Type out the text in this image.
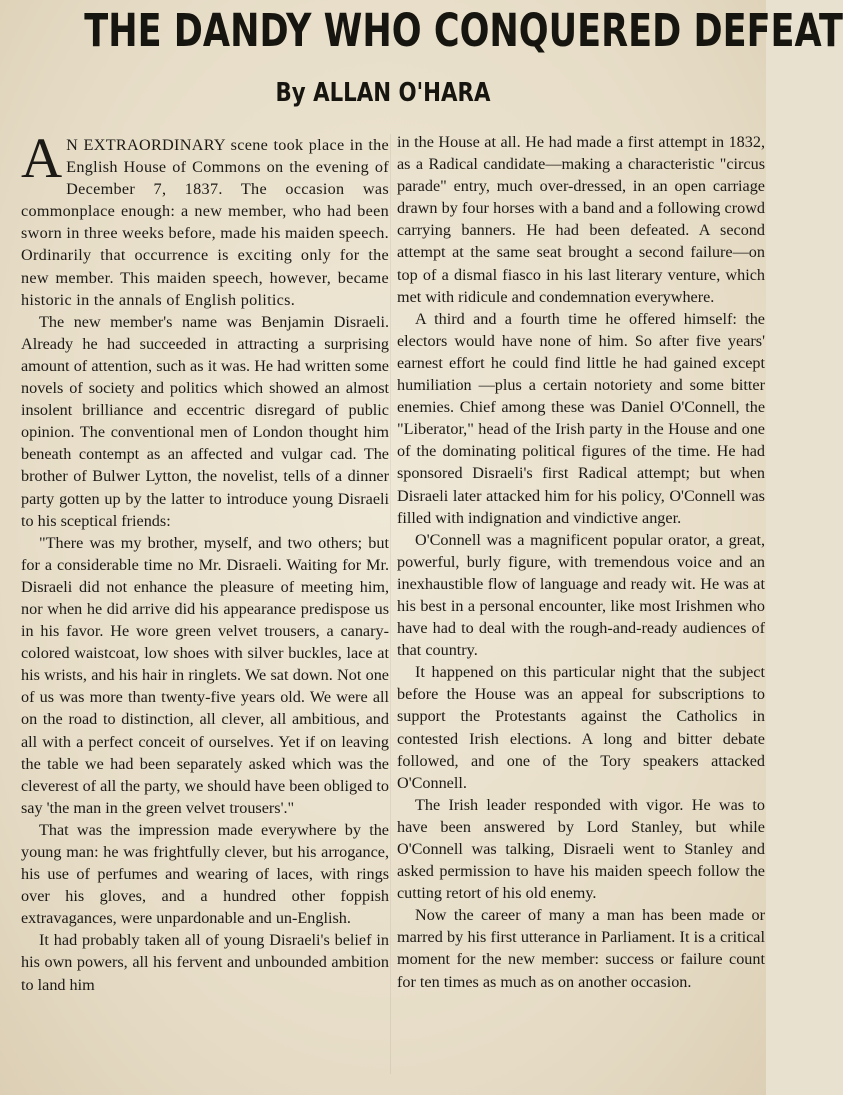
THE DANDY WHO CONQUERED DEFEAT
By ALLAN O'HARA

A N EXTRAORDINARY scene took place in the English House of Commons on the evening of December 7, 1837. The occasion was commonplace enough: a new member, who had been sworn in three weeks before, made his maiden speech. Ordinarily that occurrence is exciting only for the new member. This maiden speech, however, became historic in the annals of English politics.

The new member's name was Benjamin Disraeli. Already he had succeeded in attracting a surprising amount of attention, such as it was. He had written some novels of society and politics which showed an almost insolent brilliance and eccentric disregard of public opinion. The conventional men of London thought him beneath contempt as an affected and vulgar cad. The brother of Bulwer Lytton, the novelist, tells of a dinner party gotten up by the latter to introduce young Disraeli to his sceptical friends:

"There was my brother, myself, and two others; but for a considerable time no Mr. Disraeli. Waiting for Mr. Disraeli did not enhance the pleasure of meeting him, nor when he did arrive did his appearance predispose us in his favor. He wore green velvet trousers, a canary-colored waistcoat, low shoes with silver buckles, lace at his wrists, and his hair in ringlets. We sat down. Not one of us was more than twenty-five years old. We were all on the road to distinction, all clever, all ambitious, and all with a perfect conceit of ourselves. Yet if on leaving the table we had been separately asked which was the cleverest of all the party, we should have been obliged to say 'the man in the green velvet trousers'."

That was the impression made everywhere by the young man: he was frightfully clever, but his arrogance, his use of perfumes and wearing of laces, with rings over his gloves, and a hundred other foppish extravagances, were unpardonable and un-English.

It had probably taken all of young Disraeli's belief in his own powers, all his fervent and unbounded ambition to land him

in the House at all. He had made a first attempt in 1832, as a Radical candidate—making a characteristic "circus parade" entry, much over-dressed, in an open carriage drawn by four horses with a band and a following crowd carrying banners. He had been defeated. A second attempt at the same seat brought a second failure—on top of a dismal fiasco in his last literary venture, which met with ridicule and condemnation everywhere.

A third and a fourth time he offered himself: the electors would have none of him. So after five years' earnest effort he could find little he had gained except humiliation —plus a certain notoriety and some bitter enemies. Chief among these was Daniel O'Connell, the "Liberator," head of the Irish party in the House and one of the dominating political figures of the time. He had sponsored Disraeli's first Radical attempt; but when Disraeli later attacked him for his policy, O'Connell was filled with indignation and vindictive anger.

O'Connell was a magnificent popular orator, a great, powerful, burly figure, with tremendous voice and an inexhaustible flow of language and ready wit. He was at his best in a personal encounter, like most Irishmen who have had to deal with the rough-and-ready audiences of that country.

It happened on this particular night that the subject before the House was an appeal for subscriptions to support the Protestants against the Catholics in contested Irish elections. A long and bitter debate followed, and one of the Tory speakers attacked O'Connell.

The Irish leader responded with vigor. He was to have been answered by Lord Stanley, but while O'Connell was talking, Disraeli went to Stanley and asked permission to have his maiden speech follow the cutting retort of his old enemy.

Now the career of many a man has been made or marred by his first utterance in Parliament. It is a critical moment for the new member: success or failure count for ten times as much as on another occasion.
